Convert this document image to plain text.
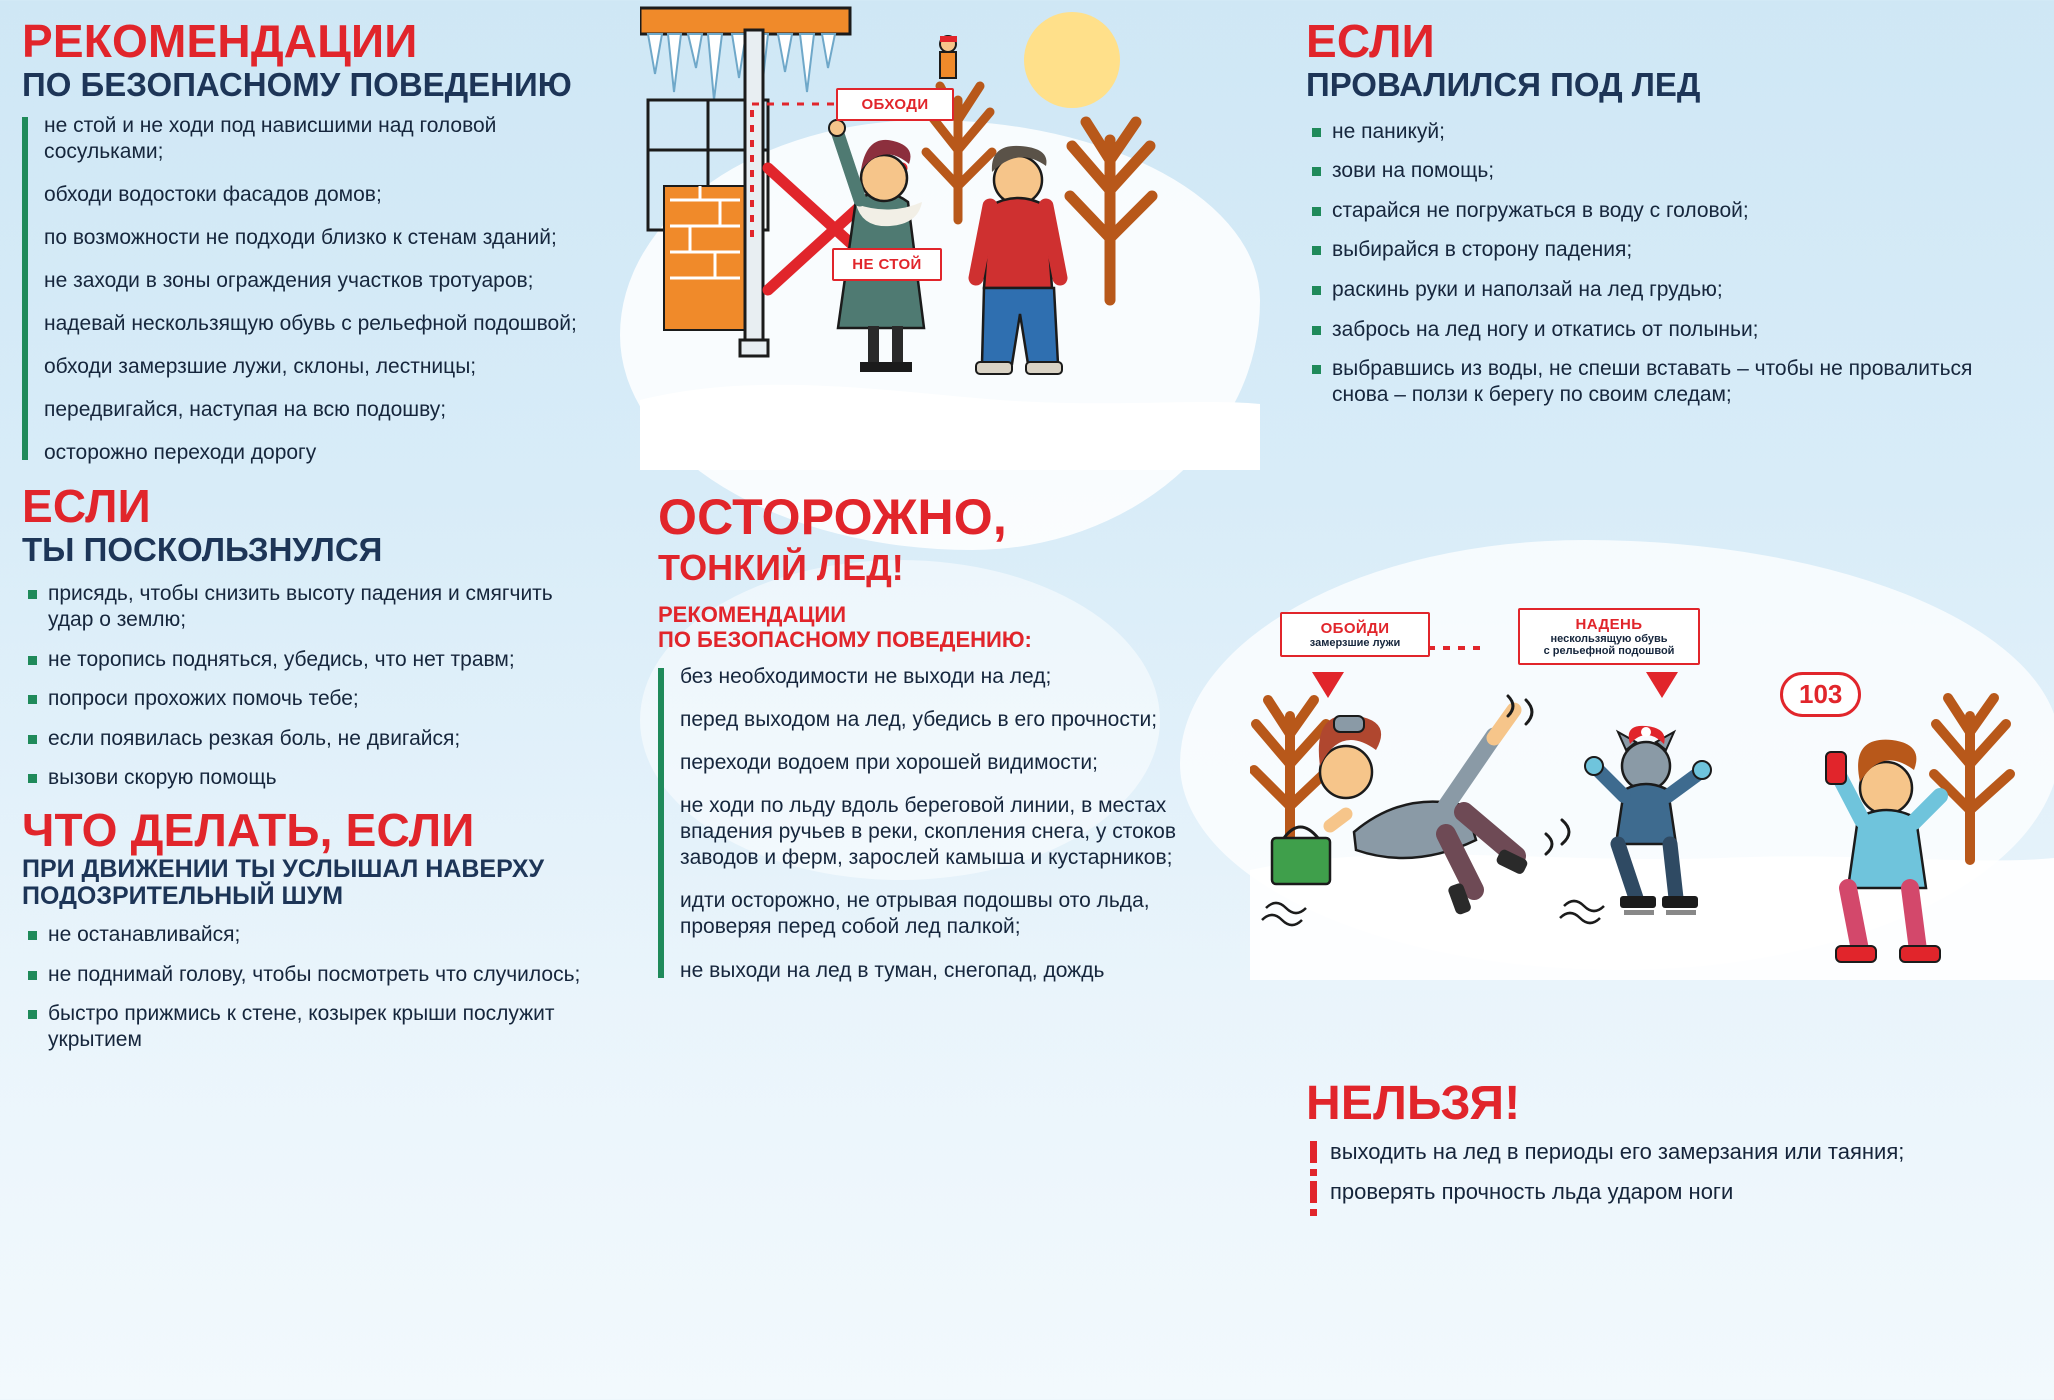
РЕКОМЕНДАЦИИ
ПО БЕЗОПАСНОМУ ПОВЕДЕНИЮ
не стой и не ходи под нависшими над головой сосульками;
обходи водостоки фасадов домов;
по возможности не подходи близко к стенам зданий;
не заходи в зоны ограждения участков тротуаров;
надевай нескользящую обувь с рельефной подошвой;
обходи замерзшие лужи, склоны, лестницы;
передвигайся, наступая на всю подошву;
осторожно переходи дорогу
ЕСЛИ
ТЫ ПОСКОЛЬЗНУЛСЯ
присядь, чтобы снизить высоту падения и смягчить удар о землю;
не торопись подняться, убедись, что нет травм;
попроси прохожих помочь тебе;
если появилась резкая боль, не двигайся;
вызови скорую помощь
ЧТО ДЕЛАТЬ, ЕСЛИ
ПРИ ДВИЖЕНИИ ТЫ УСЛЫШАЛ НАВЕРХУ ПОДОЗРИТЕЛЬНЫЙ ШУМ
не останавливайся;
не поднимай голову, чтобы посмотреть что случилось;
быстро прижмись к стене, козырек крыши послужит укрытием
ОБХОДИ
НЕ СТОЙ
ОСТОРОЖНО,
ТОНКИЙ ЛЕД!
РЕКОМЕНДАЦИИ
ПО БЕЗОПАСНОМУ ПОВЕДЕНИЮ:
без необходимости не выходи на лед;
перед выходом на лед, убедись в его прочности;
переходи водоем при хорошей видимости;
не ходи по льду вдоль береговой линии, в местах впадения ручьев в реки, скопления снега, у стоков заводов и ферм, зарослей камыша и кустарников;
идти осторожно, не отрывая подошвы ото льда, проверяя перед собой лед палкой;
не выходи на лед в туман, снегопад, дождь
ЕСЛИ
ПРОВАЛИЛСЯ ПОД ЛЕД
не паникуй;
зови на помощь;
старайся не погружаться в воду с головой;
выбирайся в сторону падения;
раскинь руки и наползай на лед грудью;
забрось на лед ногу и откатись от полыньи;
выбравшись из воды, не спеши вставать – чтобы не провалиться снова – ползи к берегу по своим следам;
ОБОЙДИ
замерзшие лужи
НАДЕНЬ
нескользящую обувь
с рельефной подошвой
103
НЕЛЬЗЯ!
выходить на лед в периоды его замерзания или таяния;
проверять прочность льда ударом ноги
